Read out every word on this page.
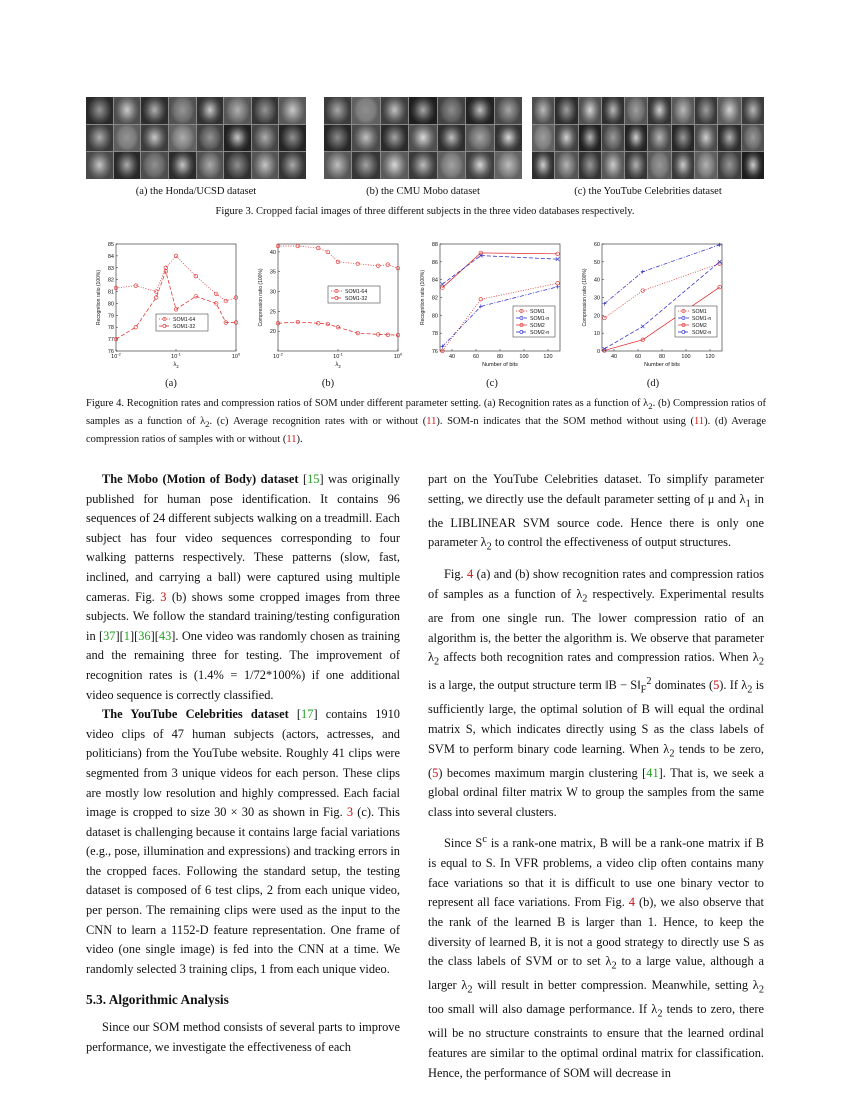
(a) the Honda/UCSD dataset	(b) the CMU Mobo dataset	(c) the YouTube Celebrities dataset
Figure 3. Cropped facial images of three different subjects in the three video databases respectively.
76
77
78
79
80
81
82
83
84
85
$10^{-2}$	$10^{-1}$	$10^0$
$\lambda_2$
Recognition ratio (100%)	SOM1-64
SOM1-32
20
25
30
35
40
$10^{-2}$	$10^{-1}$	$10^0$
$\lambda_2$
Compression ratio (100%)	SOM1-64
SOM1-32
76
78
80
82
84
86
88
40	60	80	100	120
Number of bits
Recognition ratio (100%)	SOM1
SOM1-n
SOM2
SOM2-n
0
10
20
30
40
50
60
40	60	80	100	120
Number of bits
Compression ratio (100%)	SOM1
SOM1-n
SOM2
SOM2-n
(a)	(b)	(c)	(d)
Figure 4. Recognition rates and compression ratios of SOM under different parameter setting. (a) Recognition rates as a function of $\lambda_2$. (b) Compression ratios of samples as a function of $\lambda_2$. (c) Average recognition rates with or without (11). SOM-n indicates that the SOM method without using (11). (d) Average compression ratios of samples with or without (11).

The Mobo (Motion of Body) dataset [15] was originally published for human pose identification. It contains 96 sequences of 24 different subjects walking on a treadmill. Each subject has four video sequences corresponding to four walking patterns respectively. These patterns (slow, fast, inclined, and carrying a ball) were captured using multiple cameras. Fig. 3 (b) shows some cropped images from three subjects. We follow the standard training/testing configuration in [37][1][36][43]. One video was randomly chosen as training and the remaining three for testing. The improvement of recognition rates is (1.4% = 1/72*100%) if one additional video sequence is correctly classified.

The YouTube Celebrities dataset [17] contains 1910 video clips of 47 human subjects (actors, actresses, and politicians) from the YouTube website. Roughly 41 clips were segmented from 3 unique videos for each person. These clips are mostly low resolution and highly compressed. Each facial image is cropped to size 30 × 30 as shown in Fig. 3 (c). This dataset is challenging because it contains large facial variations (e.g., pose, illumination and expressions) and tracking errors in the cropped faces. Following the standard setup, the testing dataset is composed of 6 test clips, 2 from each unique video, per person. The remaining clips were used as the input to the CNN to learn a 1152-D feature representation. One frame of video (one single image) is fed into the CNN at a time. We randomly selected 3 training clips, 1 from each unique video.

5.3. Algorithmic Analysis

Since our SOM method consists of several parts to improve performance, we investigate the effectiveness of each

part on the YouTube Celebrities dataset. To simplify parameter setting, we directly use the default parameter setting of μ and $\lambda_1$ in the LIBLINEAR SVM source code. Hence there is only one parameter $\lambda_2$ to control the effectiveness of output structures.

Fig. 4 (a) and (b) show recognition rates and compression ratios of samples as a function of $\lambda_2$ respectively. Experimental results are from one single run. The lower compression ratio of an algorithm is, the better the algorithm is. We observe that parameter $\lambda_2$ affects both recognition rates and compression ratios. When $\lambda_2$ is a large, the output structure term ‖B − $S‖_F^2$ dominates (5). If $\lambda_2$ is sufficiently large, the optimal solution of B will equal the ordinal matrix S, which indicates directly using S as the class labels of SVM to perform binary code learning. When $\lambda_2$ tends to be zero, (5) becomes maximum margin clustering [41]. That is, we seek a global ordinal filter matrix W to group the samples from the same class into several clusters.

Since $S^c$ is a rank-one matrix, B will be a rank-one matrix if B is equal to S. In VFR problems, a video clip often contains many face variations so that it is difficult to use one binary vector to represent all face variations. From Fig. 4 (b), we also observe that the rank of the learned B is larger than 1. Hence, to keep the diversity of learned B, it is not a good strategy to directly use S as the class labels of SVM or to set $\lambda_2$ to a large value, although a larger $\lambda_2$ will result in better compression. Meanwhile, setting $\lambda_2$ too small will also damage performance. If $\lambda_2$ tends to zero, there will be no structure constraints to ensure that the learned ordinal features are similar to the optimal ordinal matrix for classification. Hence, the performance of SOM will decrease in
